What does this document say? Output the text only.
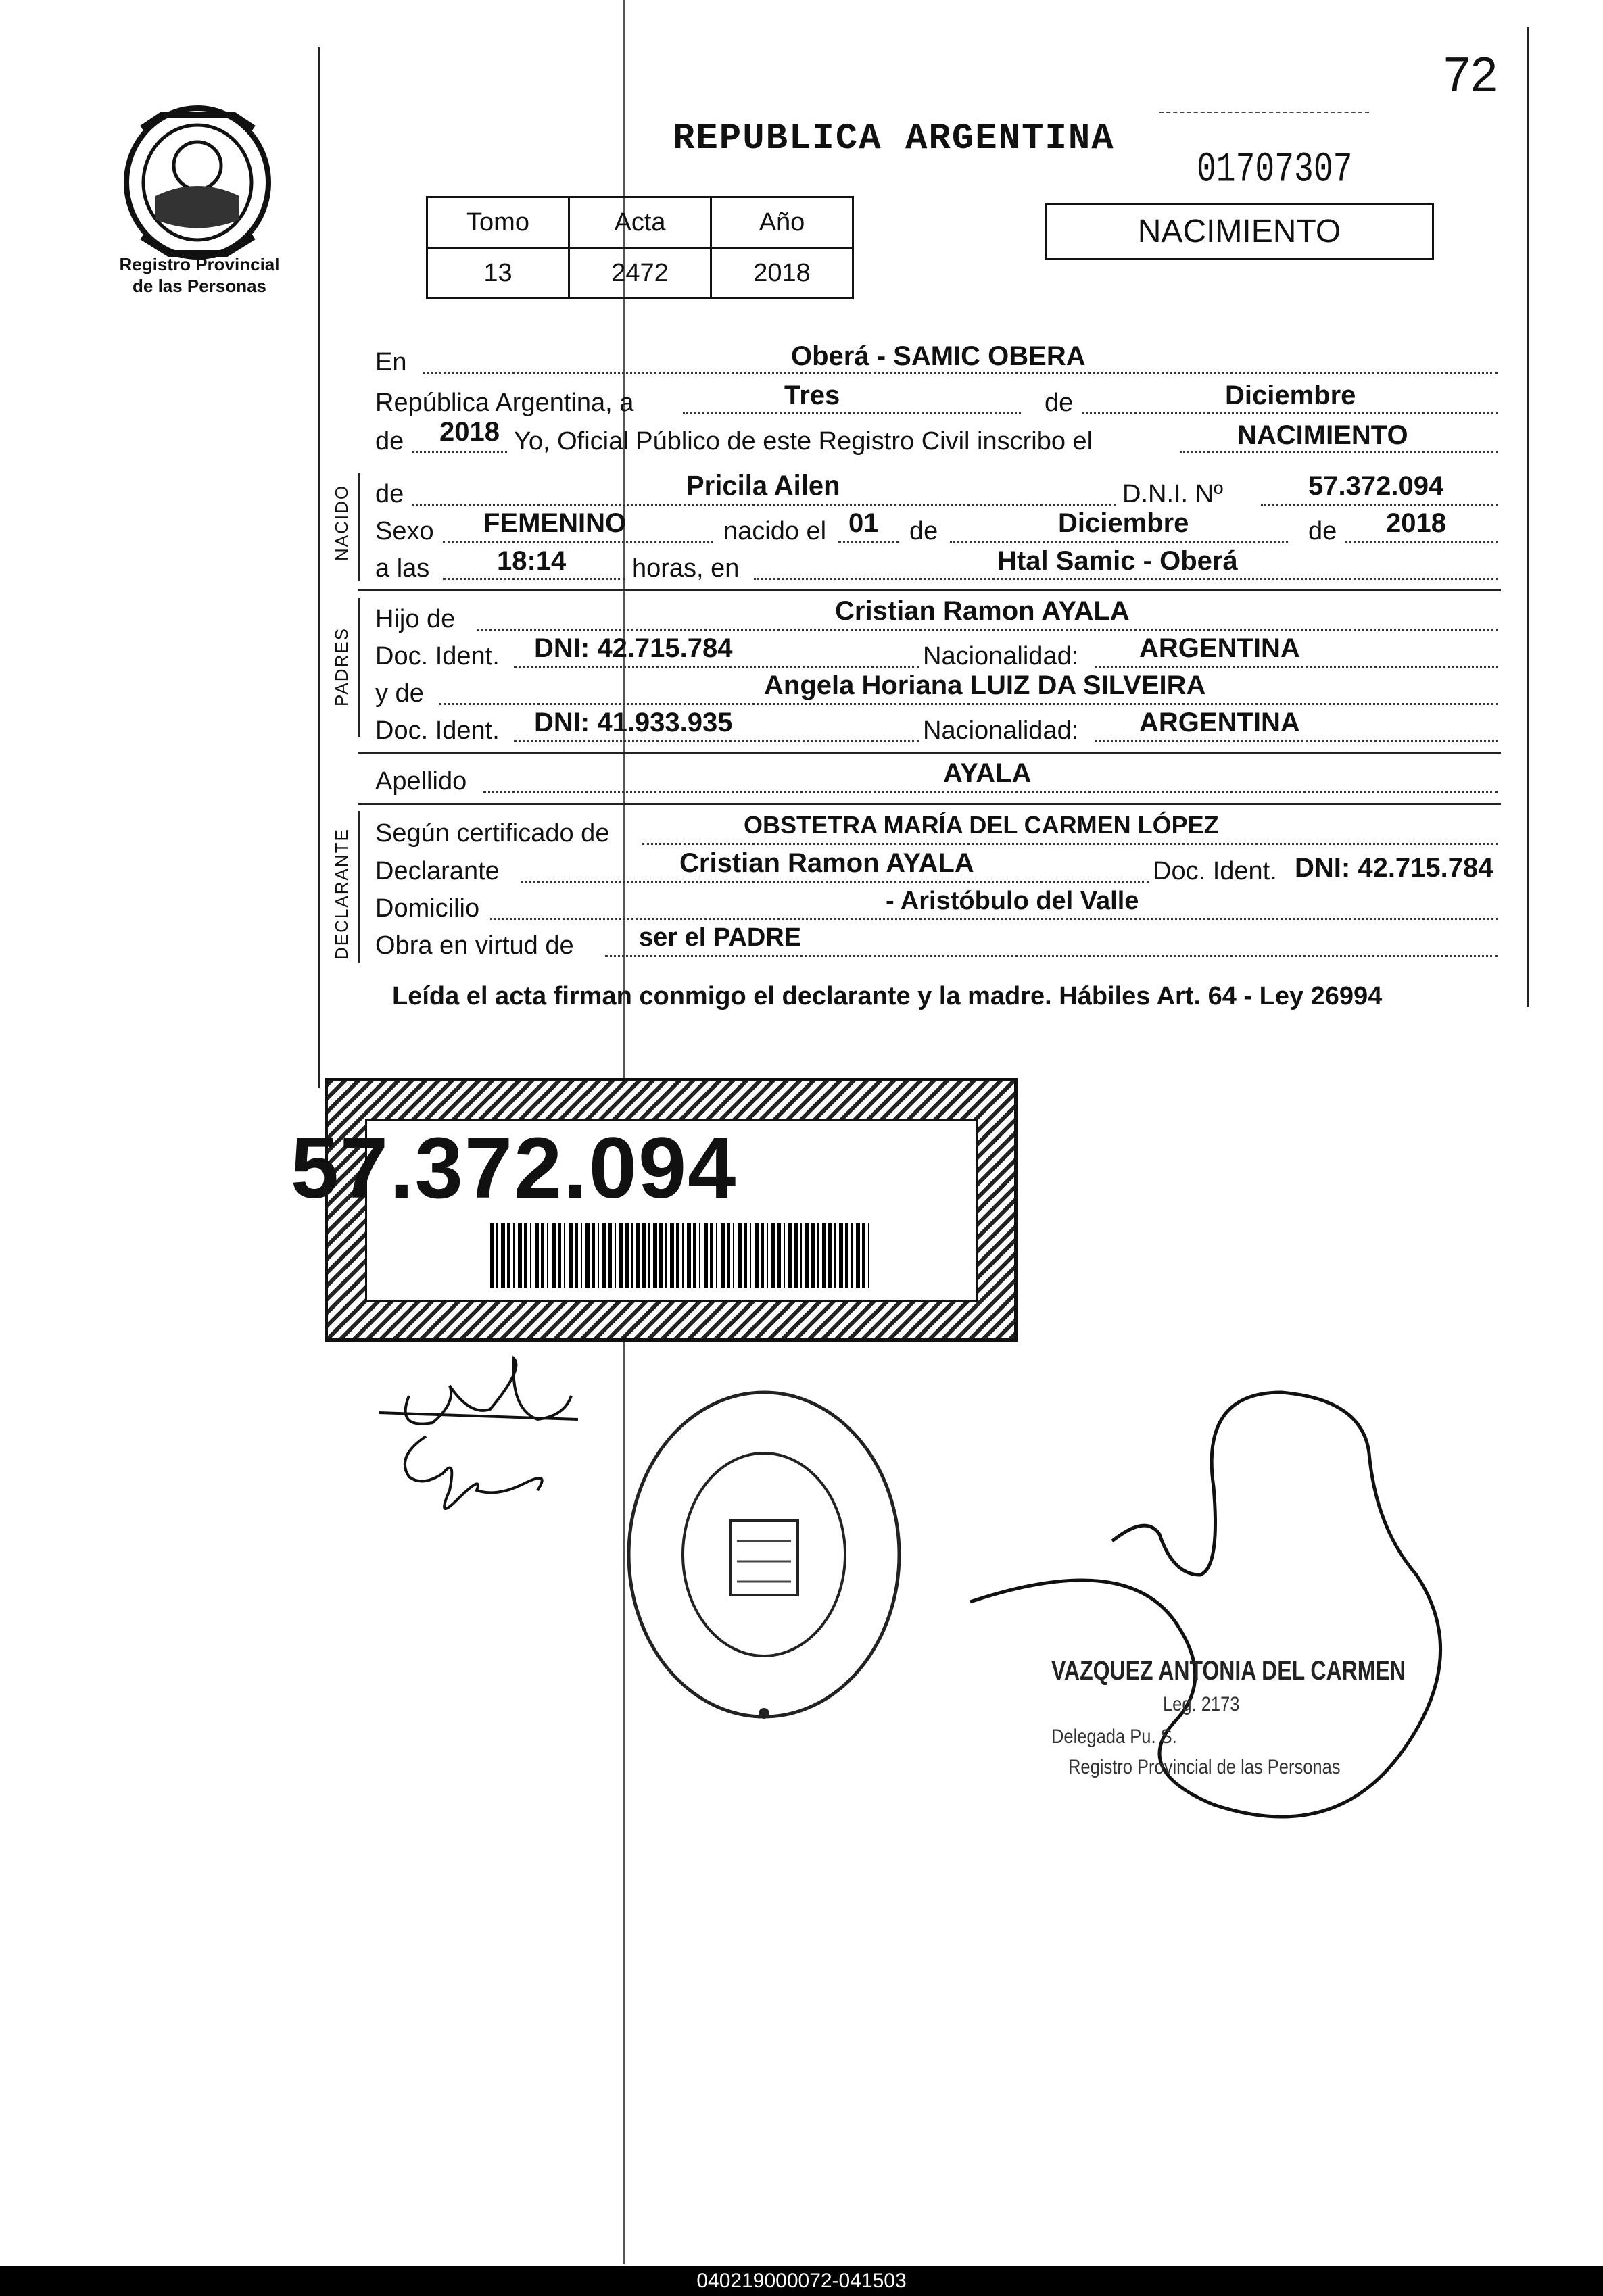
72
Registro Provincial
de las Personas
REPUBLICA ARGENTINA
01707307
NACIMIENTO
Tomo	Acta	Año
13	2472	2018
En	Oberá - SAMIC OBERA
República Argentina, a	Tres	de	Diciembre
de 2018 Yo, Oficial Público de este Registro Civil inscribo el	NACIMIENTO
NACIDO de	Pricila Ailen	D.N.I. Nº	57.372.094
Sexo FEMENINO	nacido el 01 de	Diciembre	de 2018
a las 18:14	horas, en	Htal Samic - Oberá
PADRES
Hijo de	Cristian Ramon AYALA
Doc. Ident. DNI: 42.715.784	Nacionalidad: ARGENTINA
y de	Angela Horiana LUIZ DA SILVEIRA
Doc. Ident. DNI: 41.933.935	Nacionalidad: ARGENTINA
Apellido	AYALA
DECLARANTE Según certificado de	OBSTETRA MARÍA DEL CARMEN LÓPEZ
Declarante	Cristian Ramon AYALA	Doc. Ident. DNI: 42.715.784
Domicilio	- Aristóbulo del Valle
Obra en virtud de	ser el PADRE
Leída el acta firman conmigo el declarante y la madre. Hábiles Art. 64 - Ley 26994
57.372.094
VAZQUEZ ANTONIA DEL CARMEN
Leg. 2173
Delegada Pu. S.
Registro Provincial de las Personas
040219000072-041503
